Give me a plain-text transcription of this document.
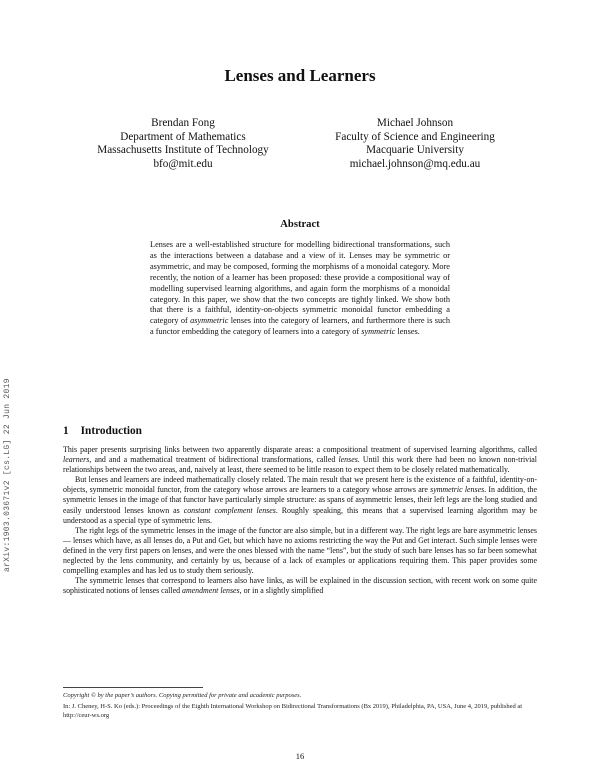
arXiv:1903.03671v2 [cs.LG] 22 Jun 2019
Lenses and Learners
Brendan Fong
Department of Mathematics
Massachusetts Institute of Technology
bfo@mit.edu
Michael Johnson
Faculty of Science and Engineering
Macquarie University
michael.johnson@mq.edu.au
Abstract
Lenses are a well-established structure for modelling bidirectional transformations, such as the interactions between a database and a view of it. Lenses may be symmetric or asymmetric, and may be composed, forming the morphisms of a monoidal category. More recently, the notion of a learner has been proposed: these provide a compositional way of modelling supervised learning algorithms, and again form the morphisms of a monoidal category. In this paper, we show that the two concepts are tightly linked. We show both that there is a faithful, identity-on-objects symmetric monoidal functor embedding a category of asymmetric lenses into the category of learners, and furthermore there is such a functor embedding the category of learners into a category of symmetric lenses.
1 Introduction

This paper presents surprising links between two apparently disparate areas: a compositional treatment of supervised learning algorithms, called learners, and and a mathematical treatment of bidirectional transformations, called lenses. Until this work there had been no known non-trivial relationships between the two areas, and, naively at least, there seemed to be little reason to expect them to be closely related mathematically.

But lenses and learners are indeed mathematically closely related. The main result that we present here is the existence of a faithful, identity-on-objects, symmetric monoidal functor, from the category whose arrows are learners to a category whose arrows are symmetric lenses. In addition, the symmetric lenses in the image of that functor have particularly simple structure: as spans of asymmetric lenses, their left legs are the long studied and easily understood lenses known as constant complement lenses. Roughly speaking, this means that a supervised learning algorithm may be understood as a special type of symmetric lens.

The right legs of the symmetric lenses in the image of the functor are also simple, but in a different way. The right legs are bare asymmetric lenses — lenses which have, as all lenses do, a Put and Get, but which have no axioms restricting the way the Put and Get interact. Such simple lenses were defined in the very first papers on lenses, and were the ones blessed with the name “lens”, but the study of such bare lenses has so far been somewhat neglected by the lens community, and certainly by us, because of a lack of examples or applications requiring them. This paper provides some compelling examples and has led us to study them seriously.

The symmetric lenses that correspond to learners also have links, as will be explained in the discussion section, with recent work on some quite sophisticated notions of lenses called amendment lenses, or in a slightly simplified

Copyright © by the paper’s authors. Copying permitted for private and academic purposes.
In: J. Cheney, H-S. Ko (eds.): Proceedings of the Eighth International Workshop on Bidirectional Transformations (Bx 2019), Philadelphia, PA, USA, June 4, 2019, published at http://ceur-ws.org
16
